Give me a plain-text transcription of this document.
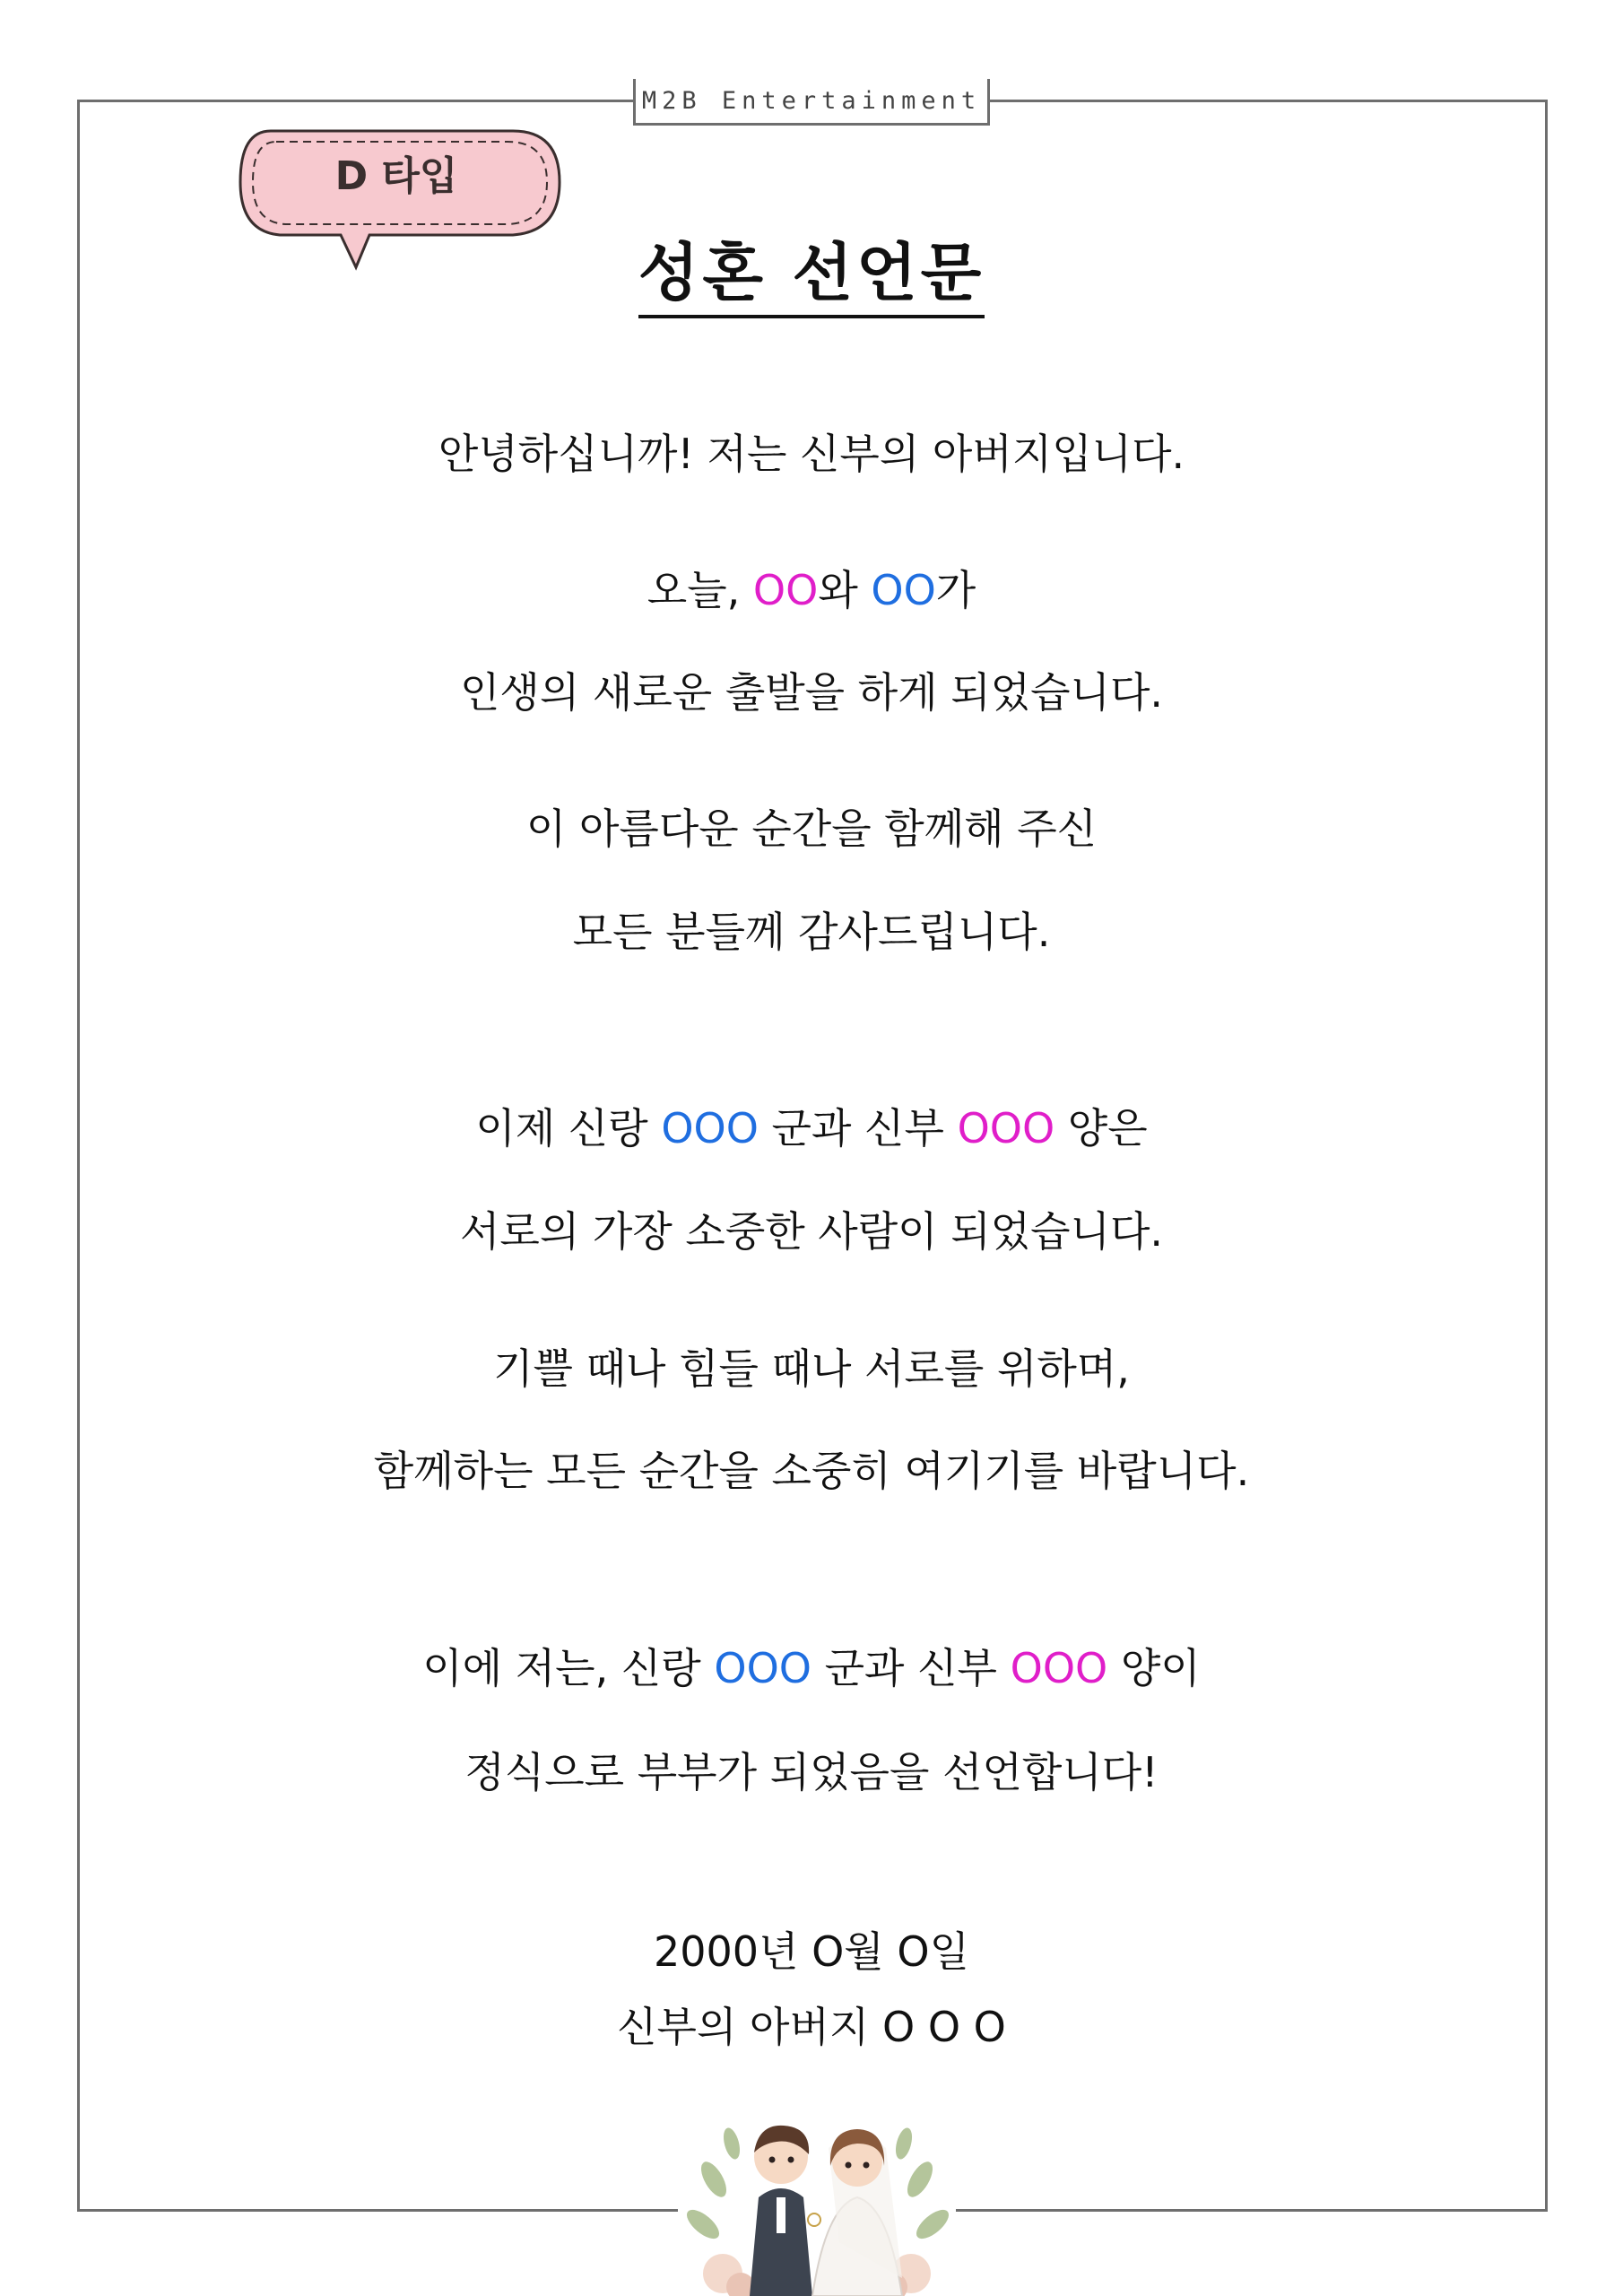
M2B Entertainment
D 타입
성혼 선언문
안녕하십니까! 저는 신부의 아버지입니다.
오늘, OO와 OO가
인생의 새로운 출발을 하게 되었습니다.
이 아름다운 순간을 함께해 주신
모든 분들께 감사드립니다.
이제 신랑 OOO 군과 신부 OOO 양은
서로의 가장 소중한 사람이 되었습니다.
기쁠 때나 힘들 때나 서로를 위하며,
함께하는 모든 순간을 소중히 여기기를 바랍니다.
이에 저는, 신랑 OOO 군과 신부 OOO 양이
정식으로 부부가 되었음을 선언합니다!
2000년 O월 O일
신부의 아버지 O O O
